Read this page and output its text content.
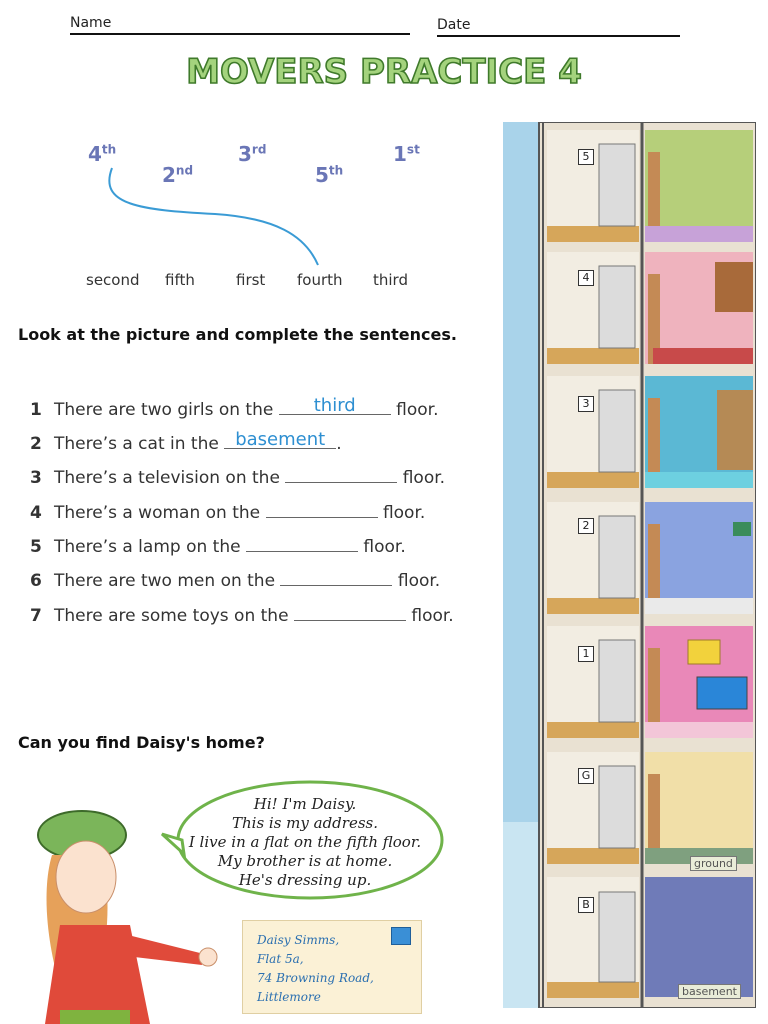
Name	Date
MOVERS PRACTICE 4
4th
2nd
3rd
5th
1st
second fifth	first fourth third
Look at the picture and complete the sentences.
1 There are two girls on the	third	floor.
2 There’s a cat in the basement .
3 There’s a television on the	floor.
4 There’s a woman on the	floor.
5 There’s a lamp on the	floor.
6 There are two men on the	floor.
7 There are some toys on the	floor.
Can you find Daisy's home?
5
4
3
2
1
G
B
ground
basement
Hi! I'm Daisy.
This is my address.
I live in a flat on the fifth floor.
My brother is at home.
He's dressing up.
Daisy Simms,
Flat 5a,
74 Browning Road,
Littlemore
